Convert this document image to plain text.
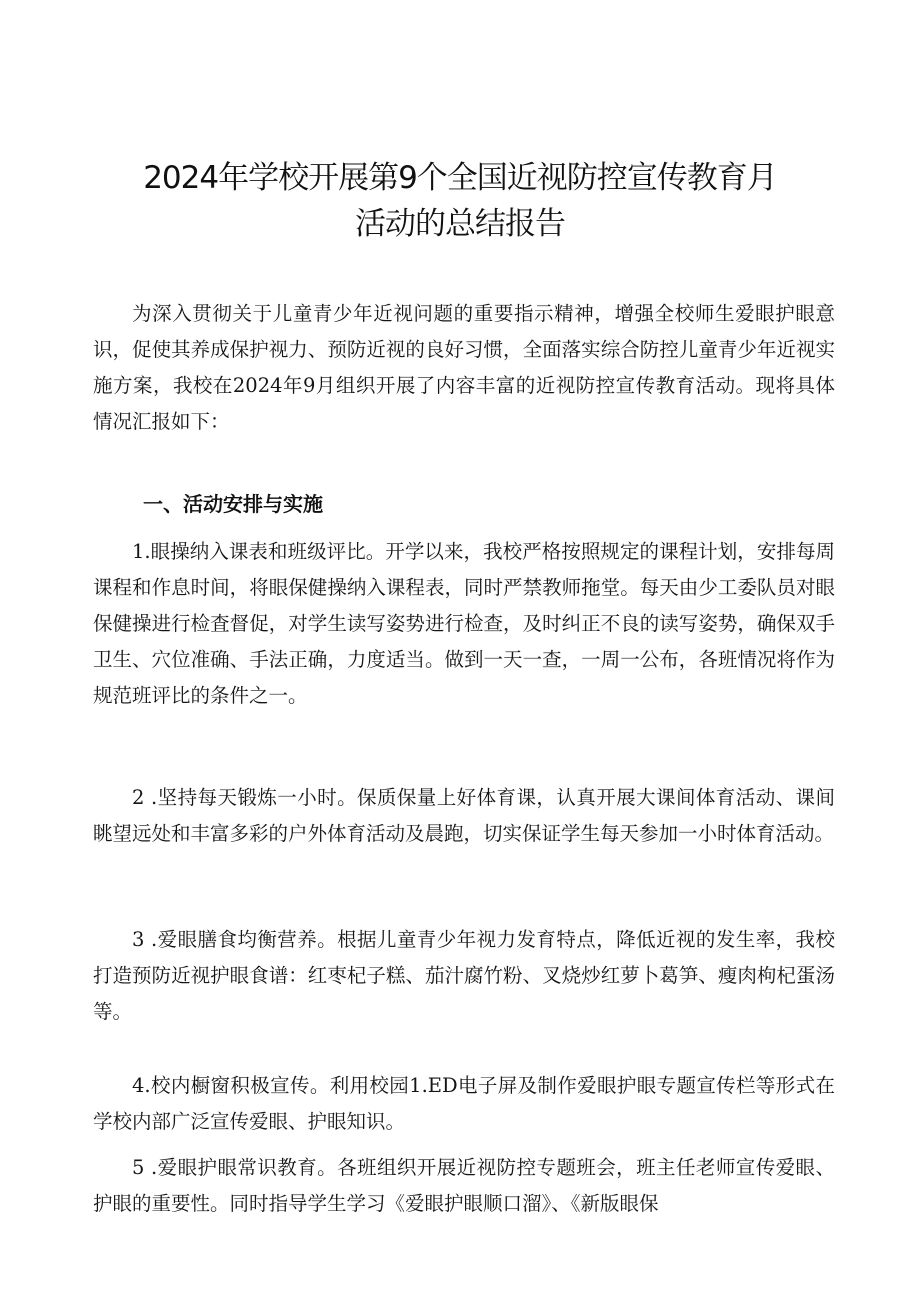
2024年学校开展第9个全国近视防控宣传教育月
活动的总结报告

为深入贯彻关于儿童青少年近视问题的重要指示精神，增强全校师生爱眼护眼意识，促使其养成保护视力、预防近视的良好习惯，全面落实综合防控儿童青少年近视实施方案，我校在2024年9月组织开展了内容丰富的近视防控宣传教育活动。现将具体情况汇报如下：

一、活动安排与实施

1.眼操纳入课表和班级评比。开学以来，我校严格按照规定的课程计划，安排每周课程和作息时间，将眼保健操纳入课程表，同时严禁教师拖堂。每天由少工委队员对眼保健操进行检査督促，对学生读写姿势进行检查，及时纠正不良的读写姿势，确保双手卫生、穴位准确、手法正确，力度适当。做到一天一查，一周一公布，各班情况将作为规范班评比的条件之一。

2 .坚持每天锻炼一小时。保质保量上好体育课，认真开展大课间体育活动、课间眺望远处和丰富多彩的户外体育活动及晨跑，切实保证学生每天参加一小时体育活动。

3 .爱眼膳食均衡营养。根据儿童青少年视力发育特点，降低近视的发生率，我校打造预防近视护眼食谱：红枣杞子糕、茄汁腐竹粉、叉烧炒红萝卜葛笋、瘦肉枸杞蛋汤等。

4.校内橱窗积极宣传。利用校园1.ED电子屏及制作爱眼护眼专题宣传栏等形式在学校内部广泛宣传爱眼、护眼知识。

5 .爱眼护眼常识教育。各班组织开展近视防控专题班会，班主任老师宣传爱眼、护眼的重要性。同时指导学生学习《爱眼护眼顺口溜》、《新版眼保
